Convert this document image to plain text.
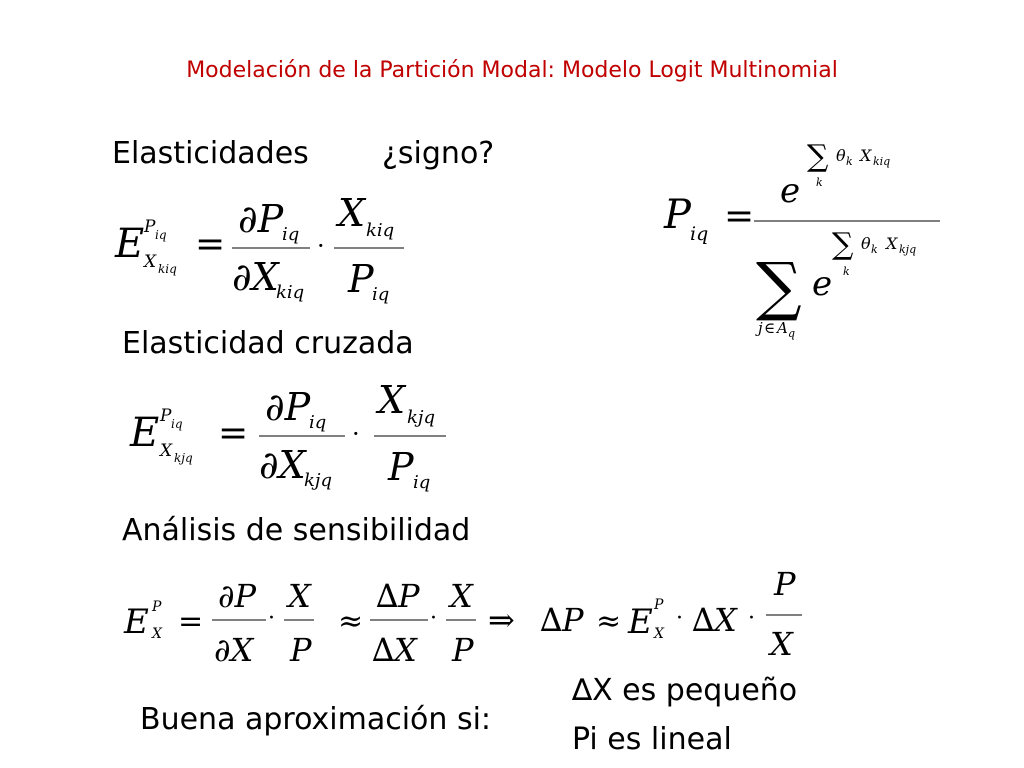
Modelación de la Partición Modal: Modelo Logit Multinomial
Elasticidades ¿signo?
Elasticidad cruzada
Análisis de sensibilidad
Buena aproximación si:
∆X es pequeño
Pi es lineal
E P iq
X kiq
=
∂P
iq
∂X
kiq
·
X kiq
P
iq
P iq =
∑ θ k X kiq
k
e
∑ θ k X kjq
k
∑ e
j ∈ A q
E P iq
X kjq
=
∂P
iq
∂X
kjq
·
X kjq
P iq
E P
X =
∂P
∂X
·
X
P
≈
∆ P
∆ X
·
X
P
⇒ ∆ P ≈ E P
X
· ∆ X ·
P
X
